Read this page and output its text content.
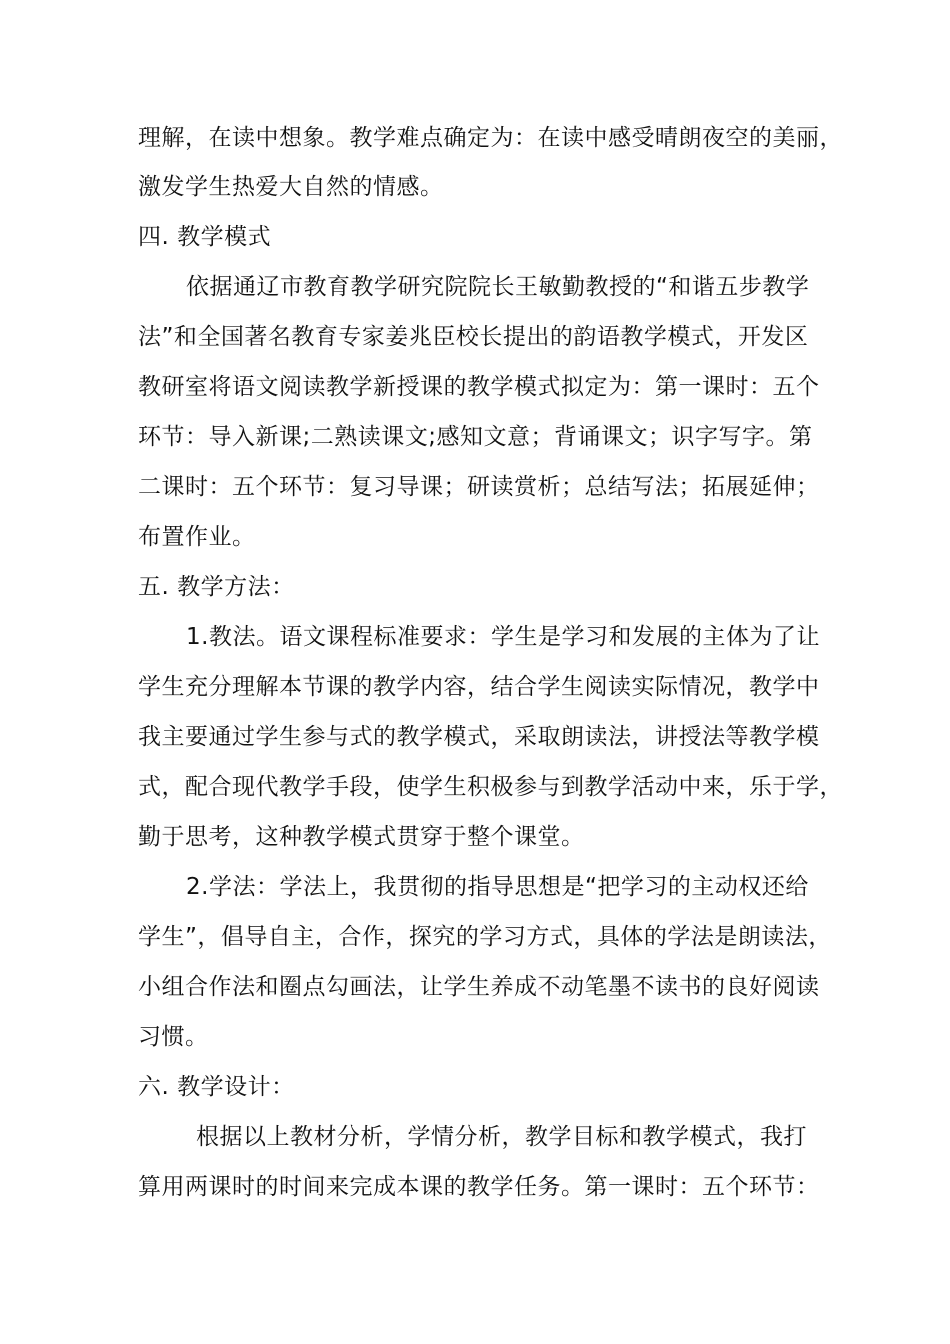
理解，在读中想象。教学难点确定为：在读中感受晴朗夜空的美丽，
激发学生热爱大自然的情感。
四. 教学模式
依据通辽市教育教学研究院院长王敏勤教授的“和谐五步教学
法”和全国著名教育专家姜兆臣校长提出的韵语教学模式，开发区
教研室将语文阅读教学新授课的教学模式拟定为：第一课时：五个
环节：导入新课;二熟读课文;感知文意；背诵课文；识字写字。第
二课时：五个环节：复习导课；研读赏析；总结写法；拓展延伸；
布置作业。
五. 教学方法：
1.教法。语文课程标准要求：学生是学习和发展的主体为了让
学生充分理解本节课的教学内容，结合学生阅读实际情况，教学中
我主要通过学生参与式的教学模式，采取朗读法，讲授法等教学模
式，配合现代教学手段，使学生积极参与到教学活动中来，乐于学，
勤于思考，这种教学模式贯穿于整个课堂。
2.学法：学法上，我贯彻的指导思想是“把学习的主动权还给
学生”，倡导自主，合作，探究的学习方式，具体的学法是朗读法，
小组合作法和圈点勾画法，让学生养成不动笔墨不读书的良好阅读
习惯。
六. 教学设计：
根据以上教材分析，学情分析，教学目标和教学模式，我打
算用两课时的时间来完成本课的教学任务。第一课时：五个环节：
